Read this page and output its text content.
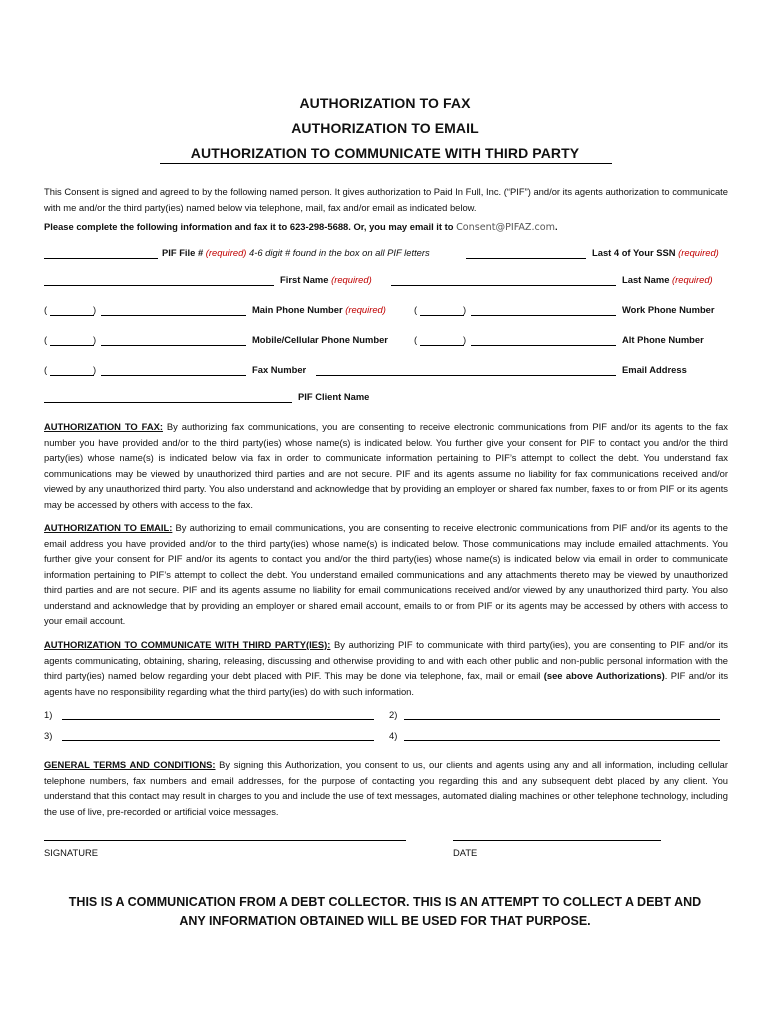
AUTHORIZATION TO FAX
AUTHORIZATION TO EMAIL
AUTHORIZATION TO COMMUNICATE WITH THIRD PARTY
This Consent is signed and agreed to by the following named person. It gives authorization to Paid In Full, Inc. (“PIF”) and/or its agents authorization to communicate with me and/or the third party(ies) named below via telephone, mail, fax and/or email as indicated below.
Please complete the following information and fax it to 623-298-5688. Or, you may email it to Consent@PIFAZ.com.
PIF File # (required) 4-6 digit # found in the box on all PIF letters	Last 4 of Your SSN (required)
First Name (required)	Last Name (required)
(	)	Main Phone Number (required)	(	)	Work Phone Number
(	)	Mobile/Cellular Phone Number	(	)	Alt Phone Number
(	)	Fax Number	Email Address
PIF Client Name
AUTHORIZATION TO FAX: By authorizing fax communications, you are consenting to receive electronic communications from PIF and/or its agents to the fax number you have provided and/or to the third party(ies) whose name(s) is indicated below. You further give your consent for PIF to contact you and/or the third party(ies) whose name(s) is indicated below via fax in order to communicate information pertaining to PIF’s attempt to collect the debt. You understand fax communications may be viewed by unauthorized third parties and are not secure. PIF and its agents assume no liability for fax communications received and/or viewed by any unauthorized third party. You also understand and acknowledge that by providing an employer or shared fax number, faxes to or from PIF or its agents may be accessed by others with access to the fax.
AUTHORIZATION TO EMAIL: By authorizing to email communications, you are consenting to receive electronic communications from PIF and/or its agents to the email address you have provided and/or to the third party(ies) whose name(s) is indicated below. Those communications may include emailed attachments. You further give your consent for PIF and/or its agents to contact you and/or the third party(ies) whose name(s) is indicated below via email in order to communicate information pertaining to PIF’s attempt to collect the debt. You understand emailed communications and any attachments thereto may be viewed by unauthorized third parties and are not secure. PIF and its agents assume no liability for email communications received and/or viewed by any unauthorized third party. You also understand and acknowledge that by providing an employer or shared email account, emails to or from PIF or its agents may be accessed by others with access to your email account.
AUTHORIZATION TO COMMUNICATE WITH THIRD PARTY(IES): By authorizing PIF to communicate with third party(ies), you are consenting to PIF and/or its agents communicating, obtaining, sharing, releasing, discussing and otherwise providing to and with each other public and non-public personal information with the third party(ies) named below regarding your debt placed with PIF. This may be done via telephone, fax, mail or email (see above Authorizations). PIF and/or its agents have no responsibility regarding what the third party(ies) do with such information.
1)	2)
3)	4)
GENERAL TERMS AND CONDITIONS: By signing this Authorization, you consent to us, our clients and agents using any and all information, including cellular telephone numbers, fax numbers and email addresses, for the purpose of contacting you regarding this and any subsequent debt placed by any client. You understand that this contact may result in charges to you and include the use of text messages, automated dialing machines or other telephone technology, including the use of live, pre-recorded or artificial voice messages.
SIGNATURE	DATE
THIS IS A COMMUNICATION FROM A DEBT COLLECTOR. THIS IS AN ATTEMPT TO COLLECT A DEBT AND
ANY INFORMATION OBTAINED WILL BE USED FOR THAT PURPOSE.
